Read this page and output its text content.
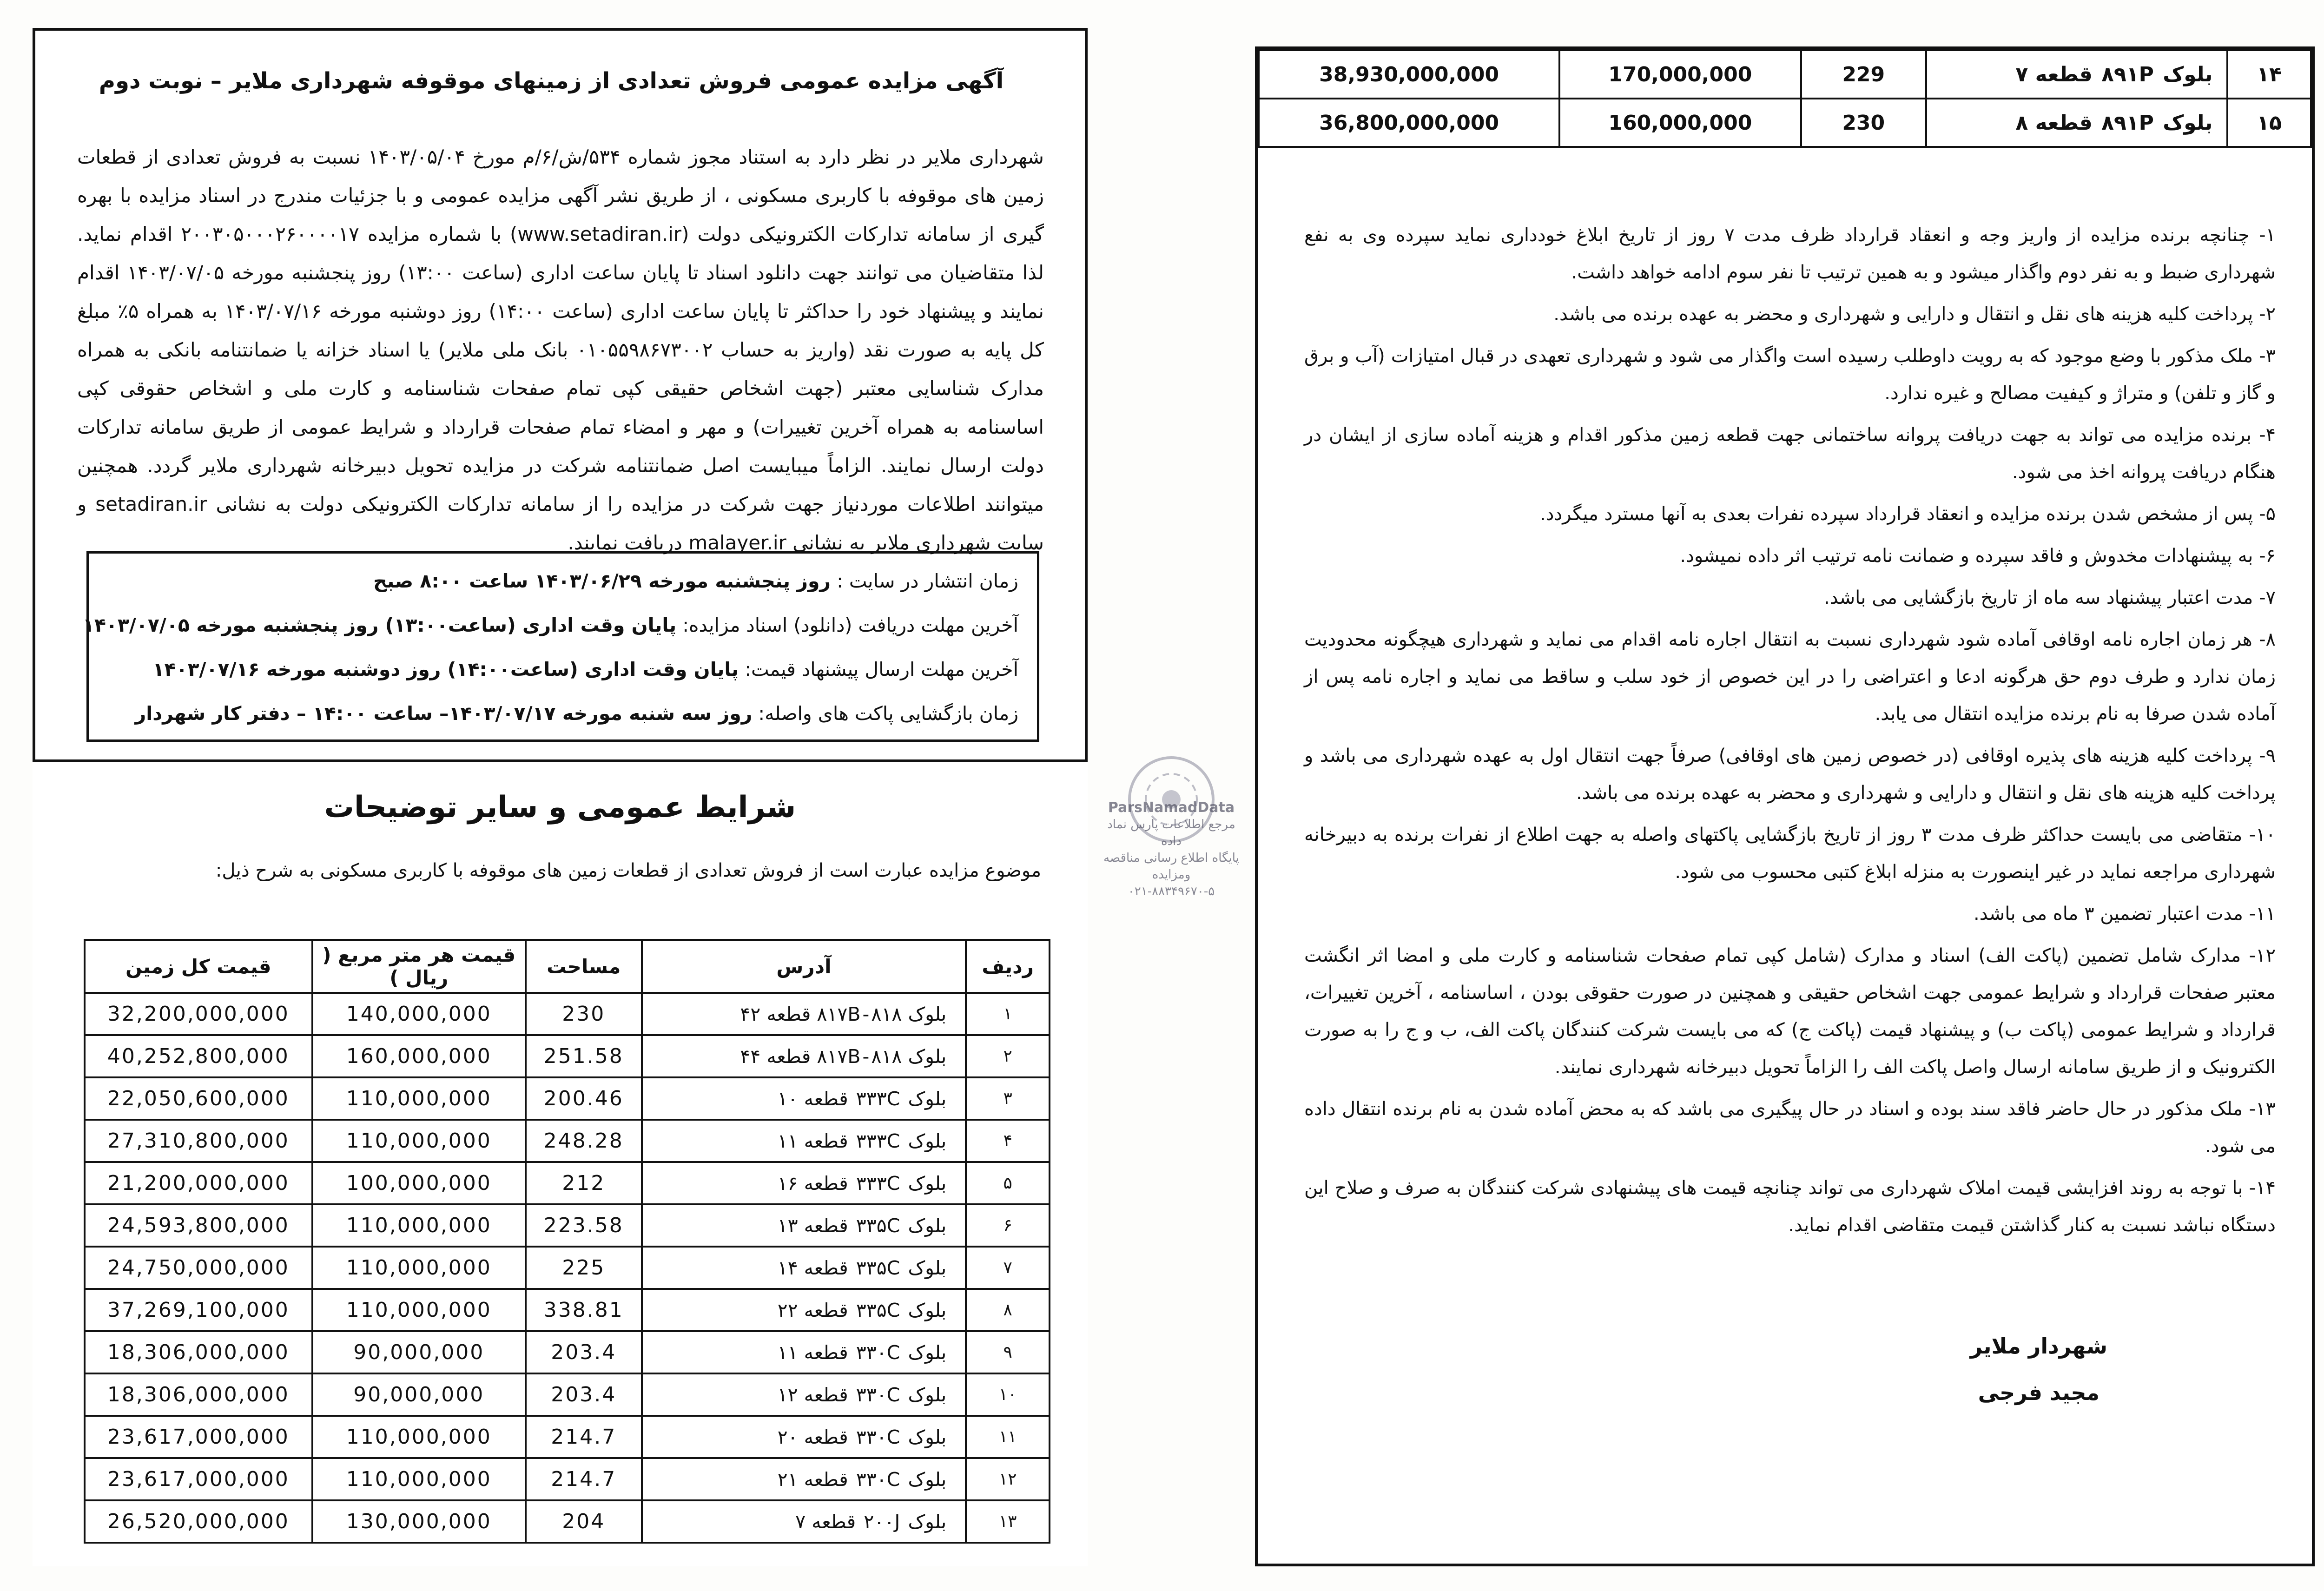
آگهی مزایده عمومی فروش تعدادی از زمینهای موقوفه شهرداری ملایر – نوبت دوم
شهرداری ملایر در نظر دارد به استناد مجوز شماره ۵۳۴/ش/۶/م مورخ ۱۴۰۳/۰۵/۰۴ نسبت به فروش تعدادی از قطعات زمین های موقوفه با کاربری مسکونی ، از طریق نشر آگهی مزایده عمومی و با جزئیات مندرج در اسناد مزایده با بهره گیری از سامانه تدارکات الکترونیکی دولت (www.setadiran.ir) با شماره مزایده ۲۰۰۳۰۵۰۰۰۲۶۰۰۰۰۱۷ اقدام نماید. لذا متقاضیان می توانند جهت دانلود اسناد تا پایان ساعت اداری (ساعت ۱۳:۰۰) روز پنجشنبه مورخه ۱۴۰۳/۰۷/۰۵ اقدام نمایند و پیشنهاد خود را حداکثر تا پایان ساعت اداری (ساعت ۱۴:۰۰) روز دوشنبه مورخه ۱۴۰۳/۰۷/۱۶ به همراه ۵٪ مبلغ کل پایه به صورت نقد (واریز به حساب ۰۱۰۵۵۹۸۶۷۳۰۰۲ بانک ملی ملایر) یا اسناد خزانه یا ضمانتنامه بانکی به همراه مدارک شناسایی معتبر (جهت اشخاص حقیقی کپی تمام صفحات شناسنامه و کارت ملی و اشخاص حقوقی کپی اساسنامه به همراه آخرین تغییرات) و مهر و امضاء تمام صفحات قرارداد و شرایط عمومی از طریق سامانه تدارکات دولت ارسال نمایند. الزاماً میبایست اصل ضمانتنامه شرکت در مزایده تحویل دبیرخانه شهرداری ملایر گردد. همچنین میتوانند اطلاعات موردنیاز جهت شرکت در مزایده را از سامانه تدارکات الکترونیکی دولت به نشانی setadiran.ir و سایت شهرداری ملایر به نشانی malayer.ir دریافت نمایند.
زمان انتشار در سایت : روز پنجشنبه مورخه ۱۴۰۳/۰۶/۲۹ ساعت ۸:۰۰ صبح
آخرین مهلت دریافت (دانلود) اسناد مزایده: پایان وقت اداری (ساعت۱۳:۰۰) روز پنجشنبه مورخه ۱۴۰۳/۰۷/۰۵
آخرین مهلت ارسال پیشنهاد قیمت: پایان وقت اداری (ساعت۱۴:۰۰) روز دوشنبه مورخه ۱۴۰۳/۰۷/۱۶
زمان بازگشایی پاکت های واصله: روز سه شنبه مورخه ۱۴۰۳/۰۷/۱۷– ساعت ۱۴:۰۰ – دفتر کار شهردار
شرایط عمومی و سایر توضیحات
موضوع مزایده عبارت است از فروش تعدادی از قطعات زمین های موقوفه با کاربری مسکونی به شرح ذیل:
ردیف	آدرس	مساحت	قیمت هر متر مربع ( ریال )	قیمت کل زمین
۱	بلوک ۸۱۷B-۸۱۸ قطعه ۴۲	230	140,000,000	32,200,000,000
۲	بلوک ۸۱۷B-۸۱۸ قطعه ۴۴	251.58	160,000,000	40,252,800,000
۳	بلوک ۳۳۳C قطعه ۱۰	200.46	110,000,000	22,050,600,000
۴	بلوک ۳۳۳C قطعه ۱۱	248.28	110,000,000	27,310,800,000
۵	بلوک ۳۳۳C قطعه ۱۶	212	100,000,000	21,200,000,000
۶	بلوک ۳۳۵C قطعه ۱۳	223.58	110,000,000	24,593,800,000
۷	بلوک ۳۳۵C قطعه ۱۴	225	110,000,000	24,750,000,000
۸	بلوک ۳۳۵C قطعه ۲۲	338.81	110,000,000	37,269,100,000
۹	بلوک ۳۳۰C قطعه ۱۱	203.4	90,000,000	18,306,000,000
۱۰	بلوک ۳۳۰C قطعه ۱۲	203.4	90,000,000	18,306,000,000
۱۱	بلوک ۳۳۰C قطعه ۲۰	214.7	110,000,000	23,617,000,000
۱۲	بلوک ۳۳۰C قطعه ۲۱	214.7	110,000,000	23,617,000,000
۱۳	بلوک ۲۰۰J قطعه ۷	204	130,000,000	26,520,000,000
ParsNamadData
مرجع اطلاعات پارس نماد داده
پایگاه اطلاع رسانی مناقصه ومزایده
۰۲۱-۸۸۳۴۹۶۷۰-۵
۱۴	بلوک ۸۹۱P قطعه ۷	229	170,000,000	38,930,000,000
۱۵	بلوک ۸۹۱P قطعه ۸	230	160,000,000	36,800,000,000
۱- چنانچه برنده مزایده از واریز وجه و انعقاد قرارداد ظرف مدت ۷ روز از تاریخ ابلاغ خودداری نماید سپرده وی به نفع شهرداری ضبط و به نفر دوم واگذار میشود و به همین ترتیب تا نفر سوم ادامه خواهد داشت.
۲- پرداخت کلیه هزینه های نقل و انتقال و دارایی و شهرداری و محضر به عهده برنده می باشد.
۳- ملک مذکور با وضع موجود که به رویت داوطلب رسیده است واگذار می شود و شهرداری تعهدی در قبال امتیازات (آب و برق و گاز و تلفن) و متراژ و کیفیت مصالح و غیره ندارد.
۴- برنده مزایده می تواند به جهت دریافت پروانه ساختمانی جهت قطعه زمین مذکور اقدام و هزینه آماده سازی از ایشان در هنگام دریافت پروانه اخذ می شود.
۵- پس از مشخص شدن برنده مزایده و انعقاد قرارداد سپرده نفرات بعدی به آنها مسترد میگردد.
۶- به پیشنهادات مخدوش و فاقد سپرده و ضمانت نامه ترتیب اثر داده نمیشود.
۷- مدت اعتبار پیشنهاد سه ماه از تاریخ بازگشایی می باشد.
۸- هر زمان اجاره نامه اوقافی آماده شود شهرداری نسبت به انتقال اجاره نامه اقدام می نماید و شهرداری هیچگونه محدودیت زمان ندارد و طرف دوم حق هرگونه ادعا و اعتراضی را در این خصوص از خود سلب و ساقط می نماید و اجاره نامه پس از آماده شدن صرفا به نام برنده مزایده انتقال می یابد.
۹- پرداخت کلیه هزینه های پذیره اوقافی (در خصوص زمین های اوقافی) صرفاً جهت انتقال اول به عهده شهرداری می باشد و پرداخت کلیه هزینه های نقل و انتقال و دارایی و شهرداری و محضر به عهده برنده می باشد.
۱۰- متقاضی می بایست حداکثر ظرف مدت ۳ روز از تاریخ بازگشایی پاکتهای واصله به جهت اطلاع از نفرات برنده به دبیرخانه شهرداری مراجعه نماید در غیر اینصورت به منزله ابلاغ کتبی محسوب می شود.
۱۱- مدت اعتبار تضمین ۳ ماه می باشد.
۱۲- مدارک شامل تضمین (پاکت الف) اسناد و مدارک (شامل کپی تمام صفحات شناسنامه و کارت ملی و امضا اثر انگشت معتبر صفحات قرارداد و شرایط عمومی جهت اشخاص حقیقی و همچنین در صورت حقوقی بودن ، اساسنامه ، آخرین تغییرات، قرارداد و شرایط عمومی (پاکت ب) و پیشنهاد قیمت (پاکت ج) که می بایست شرکت کنندگان پاکت الف، ب و ج را به صورت الکترونیک و از طریق سامانه ارسال واصل پاکت الف را الزاماً تحویل دبیرخانه شهرداری نمایند.
۱۳- ملک مذکور در حال حاضر فاقد سند بوده و اسناد در حال پیگیری می باشد که به محض آماده شدن به نام برنده انتقال داده می شود.
۱۴- با توجه به روند افزایشی قیمت املاک شهرداری می تواند چنانچه قیمت های پیشنهادی شرکت کنندگان به صرف و صلاح این دستگاه نباشد نسبت به کنار گذاشتن قیمت متقاضی اقدام نماید.
شهردار ملایر
مجید فرجی
